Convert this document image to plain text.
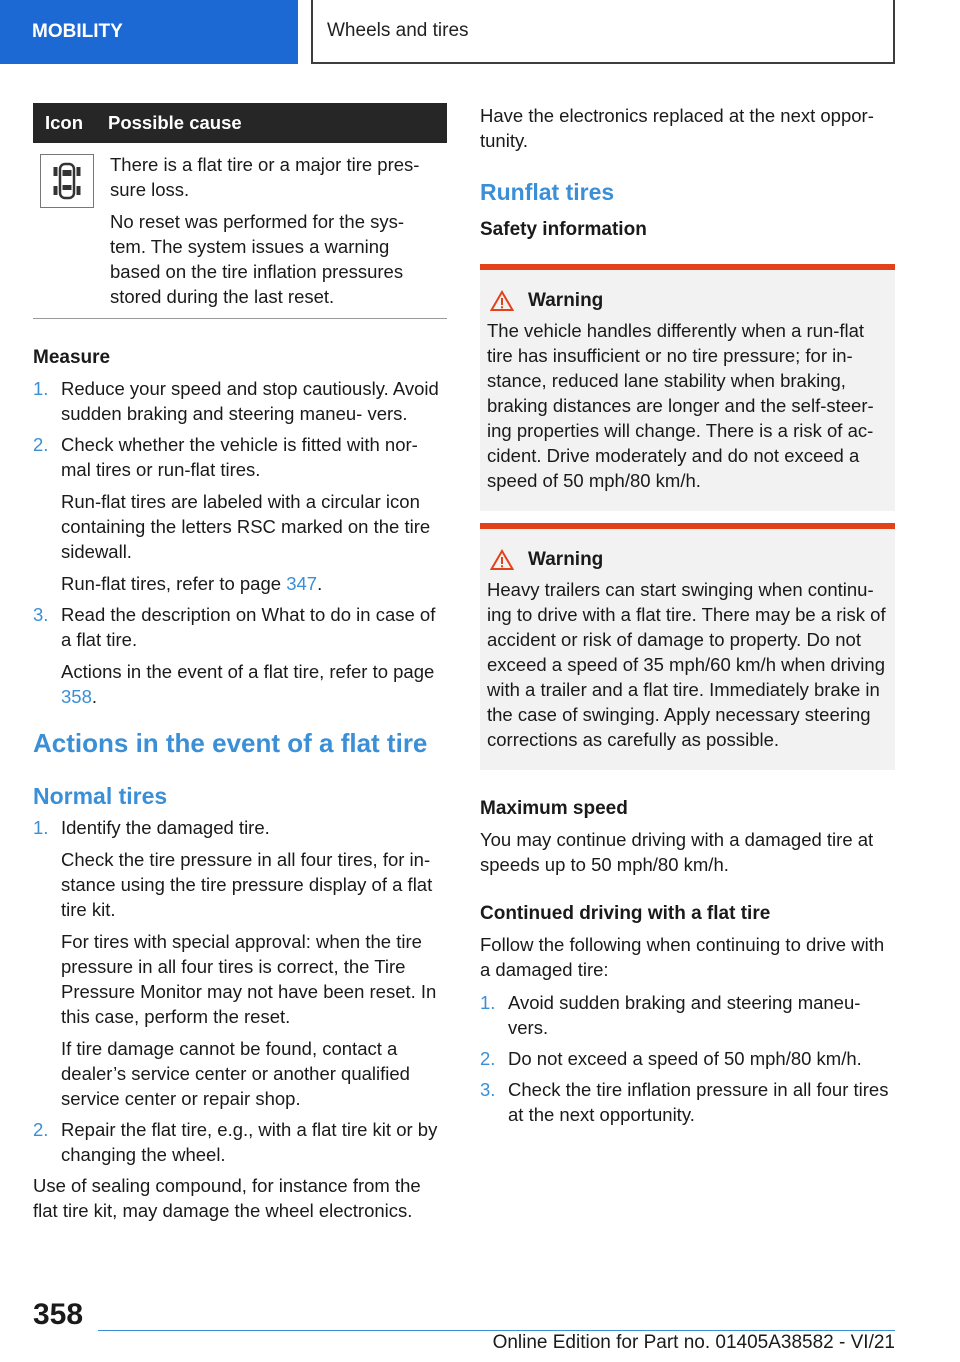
MOBILITY	Wheels and tires
Icon	Possible cause

There is a flat tire or a major tire pres‐ sure loss.

No reset was performed for the sys‐ tem. The system issues a warning based on the tire inflation pressures stored during the last reset.

Measure

1. Reduce your speed and stop cautiously. Avoid sudden braking and steering maneu‐ vers.

2. Check whether the vehicle is fitted with nor‐ mal tires or run-flat tires.

Run-flat tires are labeled with a circular icon containing the letters RSC marked on the tire sidewall.

Run-flat tires, refer to page 347.

3. Read the description on What to do in case of a flat tire.

Actions in the event of a flat tire, refer to page 358.

Actions in the event of a flat tire
Normal tires
1. Identify the damaged tire.

Check the tire pressure in all four tires, for in‐ stance using the tire pressure display of a flat tire kit.

For tires with special approval: when the tire pressure in all four tires is correct, the Tire Pressure Monitor may not have been reset. In this case, perform the reset.

If tire damage cannot be found, contact a dealer’s service center or another qualified service center or repair shop.

2. Repair the flat tire, e.g., with a flat tire kit or by changing the wheel.

Use of sealing compound, for instance from the flat tire kit, may damage the wheel electronics.

Have the electronics replaced at the next oppor‐ tunity.

Runflat tires

Safety information

Warning

The vehicle handles differently when a run-flat tire has insufficient or no tire pressure; for in‐ stance, reduced lane stability when braking, braking distances are longer and the self-steer‐ ing properties will change. There is a risk of ac‐ cident. Drive moderately and do not exceed a speed of 50 mph/80 km/h.

Warning

Heavy trailers can start swinging when continu‐ ing to drive with a flat tire. There may be a risk of accident or risk of damage to property. Do not exceed a speed of 35 mph/60 km/h when driving with a trailer and a flat tire. Immediately brake in the case of swinging. Apply necessary steering corrections as carefully as possible.

Maximum speed

You may continue driving with a damaged tire at speeds up to 50 mph/80 km/h.

Continued driving with a flat tire

Follow the following when continuing to drive with a damaged tire:

1. Avoid sudden braking and steering maneu‐ vers.

2. Do not exceed a speed of 50 mph/80 km/h.

3. Check the tire inflation pressure in all four tires at the next opportunity.

358
Online Edition for Part no. 01405A38582 - VI/21
